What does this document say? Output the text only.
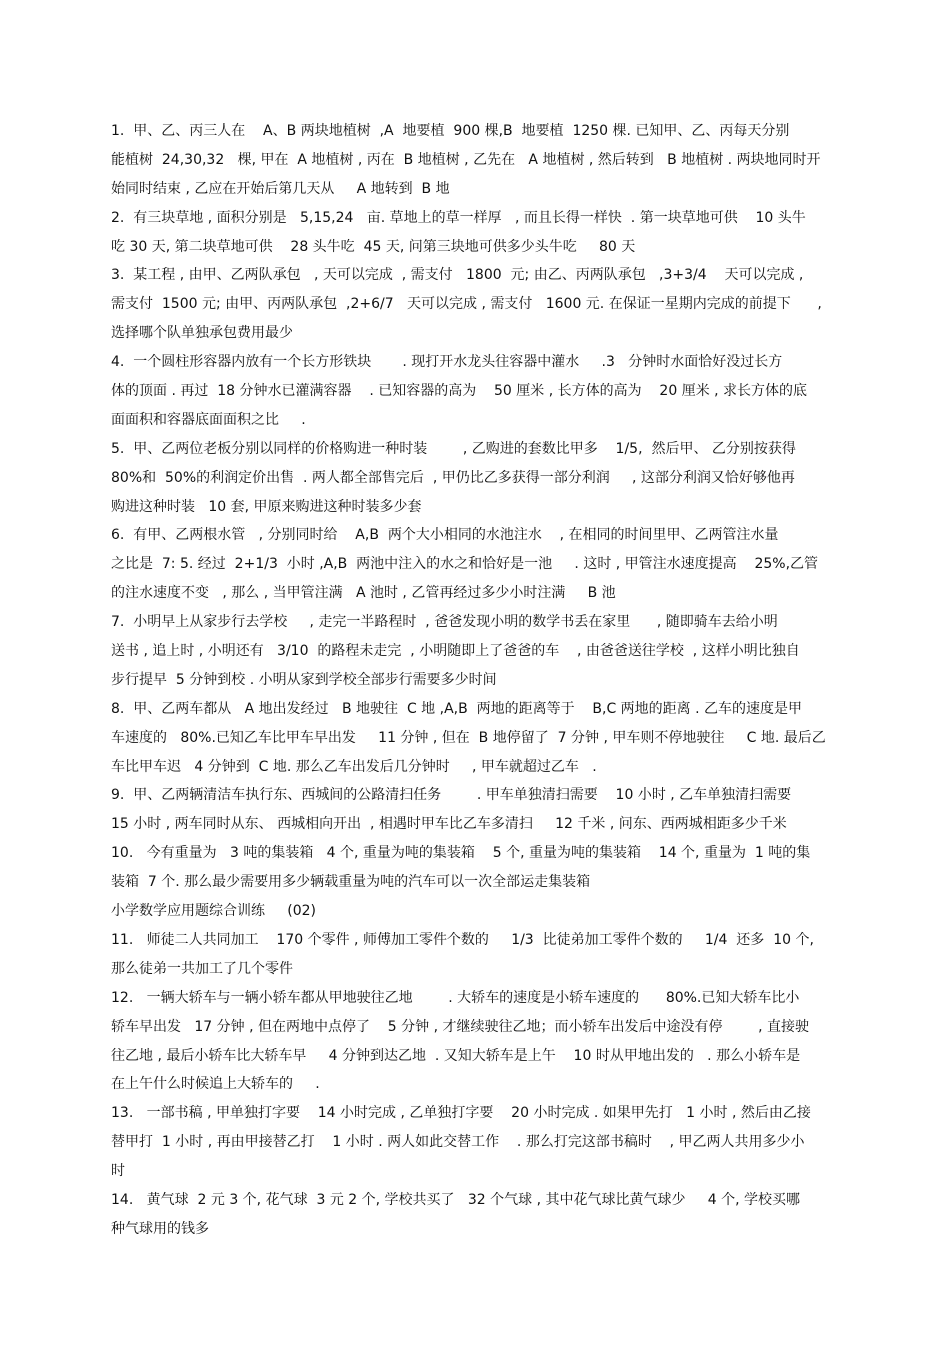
1.  甲、乙、丙三人在    A、B 两块地植树  ,A  地要植  900 棵,B  地要植  1250 棵. 已知甲、乙、丙每天分别
能植树  24,30,32   棵, 甲在  A 地植树 , 丙在  B 地植树 , 乙先在   A 地植树 , 然后转到   B 地植树 . 两块地同时开
始同时结束 , 乙应在开始后第几天从     A 地转到  B 地
2.  有三块草地 , 面积分别是   5,15,24   亩. 草地上的草一样厚   , 而且长得一样快  . 第一块草地可供    10 头牛
吃 30 天, 第二块草地可供    28 头牛吃  45 天, 问第三块地可供多少头牛吃     80 天
3.  某工程 , 由甲、乙两队承包   , 天可以完成  , 需支付   1800  元; 由乙、丙两队承包   ,3+3/4    天可以完成 ,
需支付  1500 元; 由甲、丙两队承包  ,2+6/7   天可以完成 , 需支付   1600 元. 在保证一星期内完成的前提下      ,
选择哪个队单独承包费用最少
4.  一个圆柱形容器内放有一个长方形铁块       . 现打开水龙头往容器中灌水     .3   分钟时水面恰好没过长方
体的顶面 . 再过  18 分钟水已灌满容器    . 已知容器的高为    50 厘米 , 长方体的高为    20 厘米 , 求长方体的底
面面积和容器底面面积之比     .
5.  甲、乙两位老板分别以同样的价格购进一种时装        , 乙购进的套数比甲多    1/5,  然后甲、 乙分别按获得
80%和  50%的利润定价出售  . 两人都全部售完后  , 甲仍比乙多获得一部分利润     , 这部分利润又恰好够他再
购进这种时装   10 套, 甲原来购进这种时装多少套
6.  有甲、乙两根水管   , 分别同时给    A,B  两个大小相同的水池注水    , 在相同的时间里甲、乙两管注水量
之比是  7: 5. 经过  2+1/3  小时 ,A,B  两池中注入的水之和恰好是一池     . 这时 , 甲管注水速度提高    25%,乙管
的注水速度不变   , 那么 , 当甲管注满   A 池时 , 乙管再经过多少小时注满     B 池
7.  小明早上从家步行去学校     , 走完一半路程时  , 爸爸发现小明的数学书丢在家里      , 随即骑车去给小明
送书 , 追上时 , 小明还有   3/10  的路程未走完  , 小明随即上了爸爸的车    , 由爸爸送往学校  , 这样小明比独自
步行提早  5 分钟到校 . 小明从家到学校全部步行需要多少时间
8.  甲、乙两车都从   A 地出发经过   B 地驶往  C 地 ,A,B  两地的距离等于    B,C 两地的距离 . 乙车的速度是甲
车速度的   80%.已知乙车比甲车早出发     11 分钟 , 但在  B 地停留了  7 分钟 , 甲车则不停地驶往     C 地. 最后乙
车比甲车迟   4 分钟到  C 地. 那么乙车出发后几分钟时     , 甲车就超过乙车   .
9.  甲、乙两辆清洁车执行东、西城间的公路清扫任务        . 甲车单独清扫需要    10 小时 , 乙车单独清扫需要
15 小时 , 两车同时从东、 西城相向开出  , 相遇时甲车比乙车多清扫     12 千米 , 问东、西两城相距多少千米
10.   今有重量为   3 吨的集装箱   4 个, 重量为吨的集装箱    5 个, 重量为吨的集装箱    14 个, 重量为  1 吨的集
装箱  7 个. 那么最少需要用多少辆载重量为吨的汽车可以一次全部运走集装箱
小学数学应用题综合训练     (02)
11.   师徒二人共同加工    170 个零件 , 师傅加工零件个数的     1/3  比徒弟加工零件个数的     1/4  还多  10 个,
那么徒弟一共加工了几个零件
12.   一辆大轿车与一辆小轿车都从甲地驶往乙地        . 大轿车的速度是小轿车速度的      80%.已知大轿车比小
轿车早出发   17 分钟 , 但在两地中点停了    5 分钟 , 才继续驶往乙地；而小轿车出发后中途没有停        , 直接驶
往乙地 , 最后小轿车比大轿车早     4 分钟到达乙地  . 又知大轿车是上午    10 时从甲地出发的   . 那么小轿车是
在上午什么时候追上大轿车的     .
13.   一部书稿 , 甲单独打字要    14 小时完成 , 乙单独打字要    20 小时完成 . 如果甲先打   1 小时 , 然后由乙接
替甲打  1 小时 , 再由甲接替乙打    1 小时 . 两人如此交替工作    . 那么打完这部书稿时    , 甲乙两人共用多少小
时
14.   黄气球  2 元 3 个, 花气球  3 元 2 个, 学校共买了   32 个气球 , 其中花气球比黄气球少     4 个, 学校买哪
种气球用的钱多
